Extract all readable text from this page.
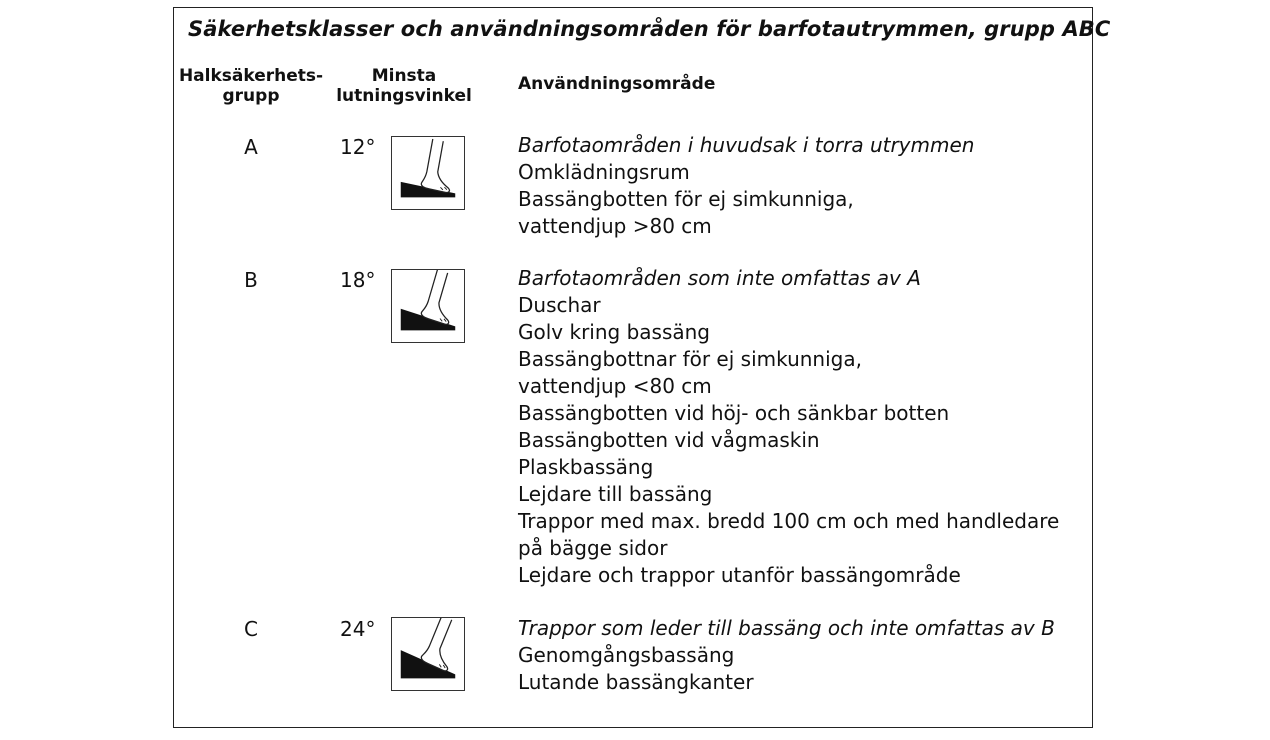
Säkerhetsklasser och användningsområden för barfotautrymmen, grupp ABC
Halksäkerhets-
grupp
Minsta
lutningsvinkel
Användningsområde
A	12°	Barfotaområden i huvudsak i torra utrymmen
Omklädningsrum
Bassängbotten för ej simkunniga,
vattendjup >80 cm
B	18°	Barfotaområden som inte omfattas av A
Duschar
Golv kring bassäng
Bassängbottnar för ej simkunniga,
vattendjup <80 cm
Bassängbotten vid höj- och sänkbar botten
Bassängbotten vid vågmaskin
Plaskbassäng
Lejdare till bassäng
Trappor med max. bredd 100 cm och med handledare
på bägge sidor
Lejdare och trappor utanför bassängområde
C	24°	Trappor som leder till bassäng och inte omfattas av B
Genomgångsbassäng
Lutande bassängkanter
